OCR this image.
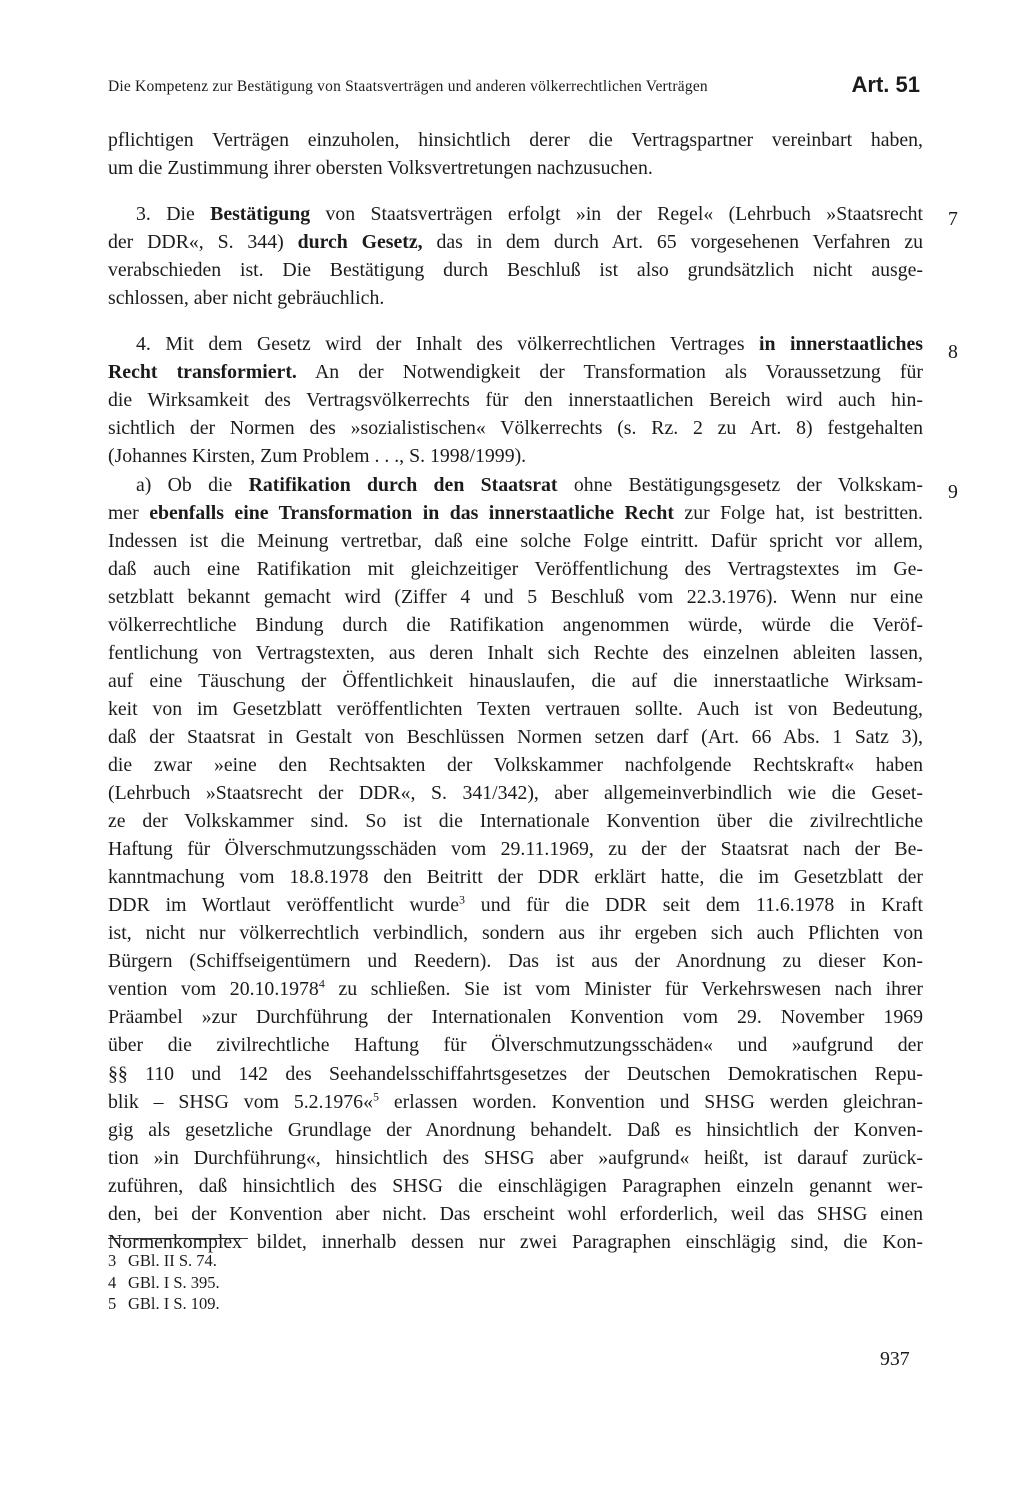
Die Kompetenz zur Bestätigung von Staatsverträgen und anderen völkerrechtlichen Verträgen	Art. 51
pflichtigen Verträgen einzuholen, hinsichtlich derer die Vertragspartner vereinbart haben,
um die Zustimmung ihrer obersten Volksvertretungen nachzusuchen.
3. Die Bestätigung von Staatsverträgen erfolgt »in der Regel« (Lehrbuch »Staatsrecht
der DDR«, S. 344) durch Gesetz, das in dem durch Art. 65 vorgesehenen Verfahren zu
verabschieden ist. Die Bestätigung durch Beschluß ist also grundsätzlich nicht ausge-
schlossen, aber nicht gebräuchlich.
4. Mit dem Gesetz wird der Inhalt des völkerrechtlichen Vertrages in innerstaatliches
Recht transformiert. An der Notwendigkeit der Transformation als Voraussetzung für
die Wirksamkeit des Vertragsvölkerrechts für den innerstaatlichen Bereich wird auch hin-
sichtlich der Normen des »sozialistischen« Völkerrechts (s. Rz. 2 zu Art. 8) festgehalten
(Johannes Kirsten, Zum Problem . . ., S. 1998/1999).
a) Ob die Ratifikation durch den Staatsrat ohne Bestätigungsgesetz der Volkskam-
mer ebenfalls eine Transformation in das innerstaatliche Recht zur Folge hat, ist bestritten.
Indessen ist die Meinung vertretbar, daß eine solche Folge eintritt. Dafür spricht vor allem,
daß auch eine Ratifikation mit gleichzeitiger Veröffentlichung des Vertragstextes im Ge-
setzblatt bekannt gemacht wird (Ziffer 4 und 5 Beschluß vom 22.3.1976). Wenn nur eine
völkerrechtliche Bindung durch die Ratifikation angenommen würde, würde die Veröf-
fentlichung von Vertragstexten, aus deren Inhalt sich Rechte des einzelnen ableiten lassen,
auf eine Täuschung der Öffentlichkeit hinauslaufen, die auf die innerstaatliche Wirksam-
keit von im Gesetzblatt veröffentlichten Texten vertrauen sollte. Auch ist von Bedeutung,
daß der Staatsrat in Gestalt von Beschlüssen Normen setzen darf (Art. 66 Abs. 1 Satz 3),
die zwar »eine den Rechtsakten der Volkskammer nachfolgende Rechtskraft« haben
(Lehrbuch »Staatsrecht der DDR«, S. 341/342), aber allgemeinverbindlich wie die Geset-
ze der Volkskammer sind. So ist die Internationale Konvention über die zivilrechtliche
Haftung für Ölverschmutzungsschäden vom 29.11.1969, zu der der Staatsrat nach der Be-
kanntmachung vom 18.8.1978 den Beitritt der DDR erklärt hatte, die im Gesetzblatt der
DDR im Wortlaut veröffentlicht wurde$^3$ und für die DDR seit dem 11.6.1978 in Kraft
ist, nicht nur völkerrechtlich verbindlich, sondern aus ihr ergeben sich auch Pflichten von
Bürgern (Schiffseigentümern und Reedern). Das ist aus der Anordnung zu dieser Kon-
vention vom 20.10.1978$^4$ zu schließen. Sie ist vom Minister für Verkehrswesen nach ihrer
Präambel »zur Durchführung der Internationalen Konvention vom 29. November 1969
über die zivilrechtliche Haftung für Ölverschmutzungsschäden« und »aufgrund der
§§ 110 und 142 des Seehandelsschiffahrtsgesetzes der Deutschen Demokratischen Repu-
blik – SHSG vom 5.2.1976«$^5$ erlassen worden. Konvention und SHSG werden gleichran-
gig als gesetzliche Grundlage der Anordnung behandelt. Daß es hinsichtlich der Konven-
tion »in Durchführung«, hinsichtlich des SHSG aber »aufgrund« heißt, ist darauf zurück-
zuführen, daß hinsichtlich des SHSG die einschlägigen Paragraphen einzeln genannt wer-
den, bei der Konvention aber nicht. Das erscheint wohl erforderlich, weil das SHSG einen
Normenkomplex bildet, innerhalb dessen nur zwei Paragraphen einschlägig sind, die Kon-
7
8
9
3 GBl. II S. 74.
4 GBl. I S. 395.
5 GBl. I S. 109.
937
